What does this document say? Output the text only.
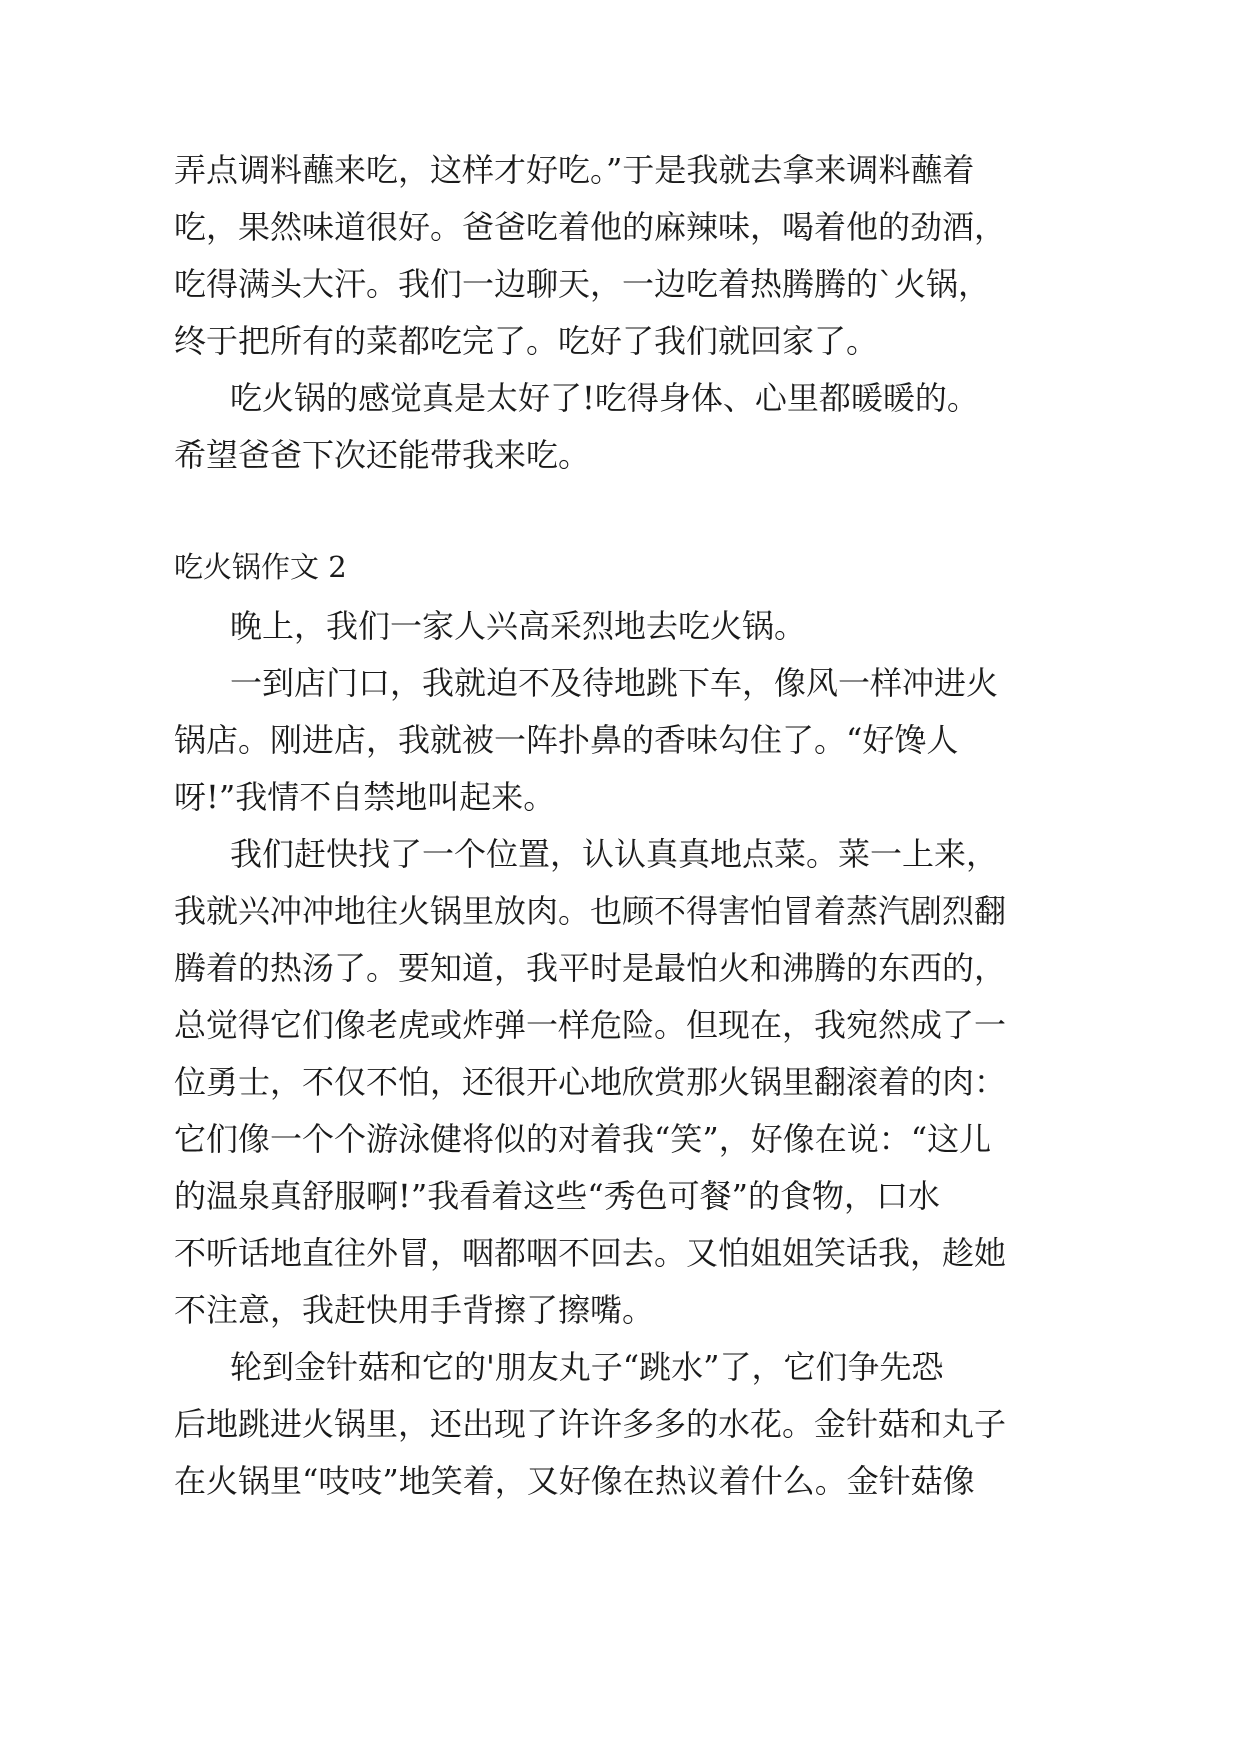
弄点调料蘸来吃，这样才好吃。”于是我就去拿来调料蘸着
吃，果然味道很好。爸爸吃着他的麻辣味，喝着他的劲酒，
吃得满头大汗。我们一边聊天，一边吃着热腾腾的`火锅，
终于把所有的菜都吃完了。吃好了我们就回家了。
吃火锅的感觉真是太好了!吃得身体、心里都暖暖的。
希望爸爸下次还能带我来吃。
吃火锅作文 2
晚上，我们一家人兴高采烈地去吃火锅。
一到店门口，我就迫不及待地跳下车，像风一样冲进火
锅店。刚进店，我就被一阵扑鼻的香味勾住了。“好馋人
呀!”我情不自禁地叫起来。
我们赶快找了一个位置，认认真真地点菜。菜一上来，
我就兴冲冲地往火锅里放肉。也顾不得害怕冒着蒸汽剧烈翻
腾着的热汤了。要知道，我平时是最怕火和沸腾的东西的，
总觉得它们像老虎或炸弹一样危险。但现在，我宛然成了一
位勇士，不仅不怕，还很开心地欣赏那火锅里翻滚着的肉：
它们像一个个游泳健将似的对着我“笑”，好像在说：“这儿
的温泉真舒服啊!”我看着这些“秀色可餐”的食物，口水
不听话地直往外冒，咽都咽不回去。又怕姐姐笑话我，趁她
不注意，我赶快用手背擦了擦嘴。
轮到金针菇和它的'朋友丸子“跳水”了，它们争先恐
后地跳进火锅里，还出现了许许多多的水花。金针菇和丸子
在火锅里“吱吱”地笑着，又好像在热议着什么。金针菇像
